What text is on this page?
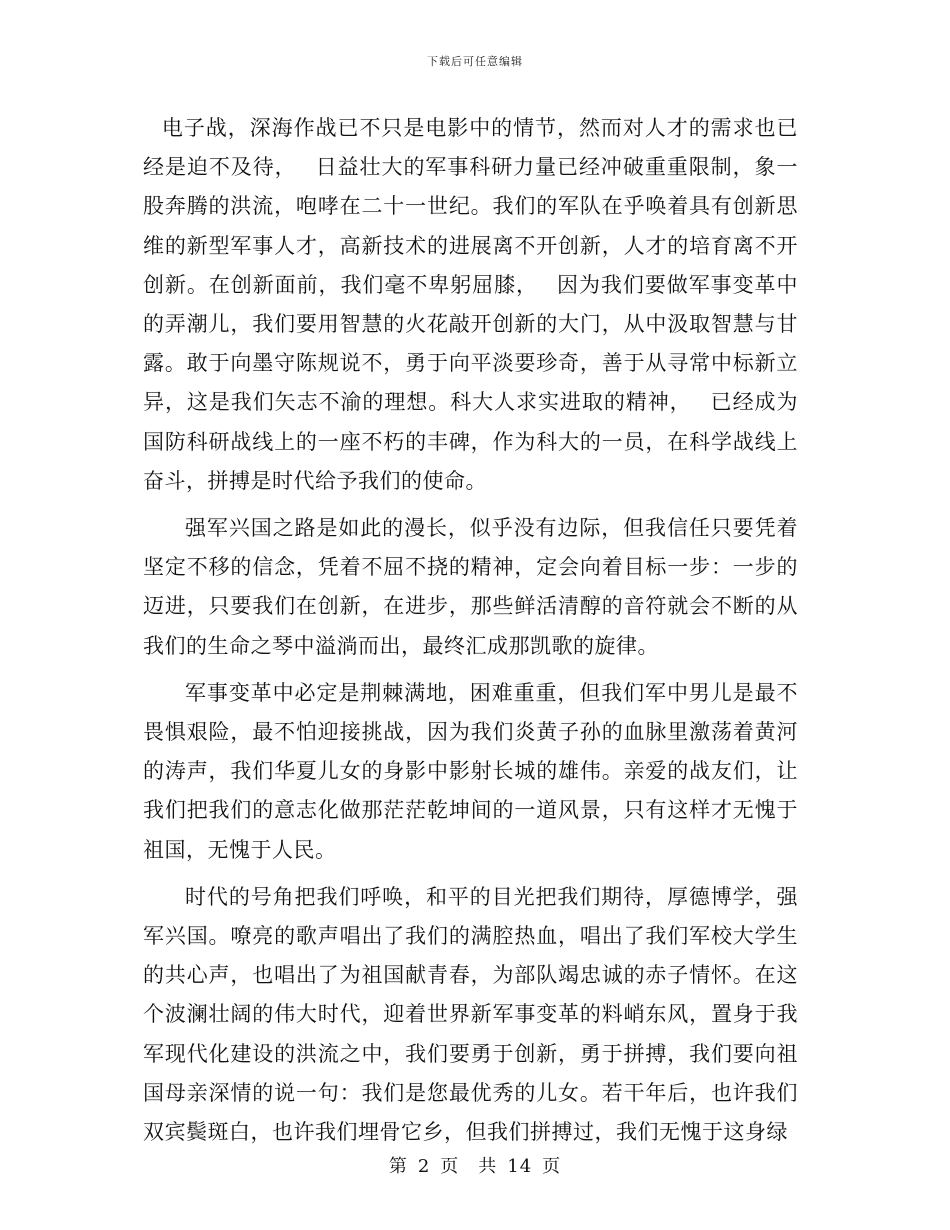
下载后可任意编辑

电子战，深海作战已不只是电影中的情节，然而对人才的需求也已经是迫不及待，　 日益壮大的军事科研力量已经冲破重重限制，象一股奔腾的洪流，咆哮在二十一世纪。我们的军队在乎唤着具有创新思维的新型军事人才，高新技术的进展离不开创新，人才的培育离不开创新。在创新面前，我们毫不卑躬屈膝，　 因为我们要做军事变革中的弄潮儿，我们要用智慧的火花敲开创新的大门，从中汲取智慧与甘露。敢于向墨守陈规说不，勇于向平淡要珍奇，善于从寻常中标新立异，这是我们矢志不渝的理想。科大人求实进取的精神，　 已经成为国防科研战线上的一座不朽的丰碑，作为科大的一员，在科学战线上奋斗，拼搏是时代给予我们的使命。

强军兴国之路是如此的漫长，似乎没有边际，但我信任只要凭着坚定不移的信念，凭着不屈不挠的精神，定会向着目标一步：一步的迈进，只要我们在创新，在进步，那些鲜活清醇的音符就会不断的从我们的生命之琴中溢淌而出，最终汇成那凯歌的旋律。

军事变革中必定是荆棘满地，困难重重，但我们军中男儿是最不畏惧艰险，最不怕迎接挑战，因为我们炎黄子孙的血脉里激荡着黄河的涛声，我们华夏儿女的身影中影射长城的雄伟。亲爱的战友们，让我们把我们的意志化做那茫茫乾坤间的一道风景，只有这样才无愧于祖国，无愧于人民。

时代的号角把我们呼唤，和平的目光把我们期待，厚德博学，强军兴国。嘹亮的歌声唱出了我们的满腔热血，唱出了我们军校大学生的共心声，也唱出了为祖国献青春，为部队竭忠诚的赤子情怀。在这个波澜壮阔的伟大时代，迎着世界新军事变革的料峭东风，置身于我军现代化建设的洪流之中，我们要勇于创新，勇于拼搏，我们要向祖国母亲深情的说一句：我们是您最优秀的儿女。若干年后，也许我们双宾鬓斑白，也许我们埋骨它乡，但我们拼搏过，我们无愧于这身绿

第 2 页　共 14 页
